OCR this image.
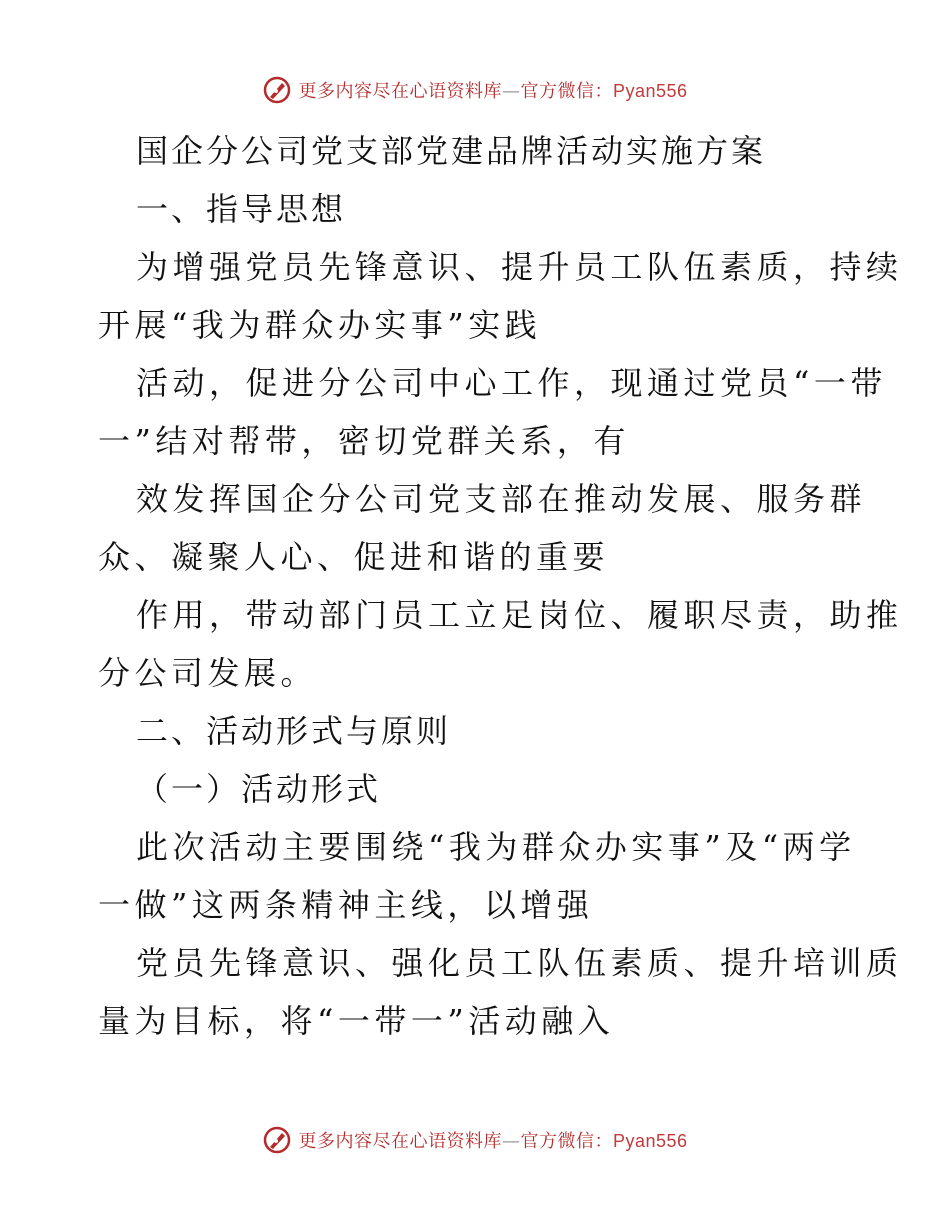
更多内容尽在心语资料库—官方微信：Pyan556
国企分公司党支部党建品牌活动实施方案
一、指导思想
为增强党员先锋意识、提升员工队伍素质，持续
开展“我为群众办实事”实践
活动，促进分公司中心工作，现通过党员“一带
一”结对帮带，密切党群关系，有
效发挥国企分公司党支部在推动发展、服务群
众、凝聚人心、促进和谐的重要
作用，带动部门员工立足岗位、履职尽责，助推
分公司发展。
二、活动形式与原则
（一）活动形式
此次活动主要围绕“我为群众办实事”及“两学
一做”这两条精神主线，以增强
党员先锋意识、强化员工队伍素质、提升培训质
量为目标，将“一带一”活动融入
更多内容尽在心语资料库—官方微信：Pyan556
